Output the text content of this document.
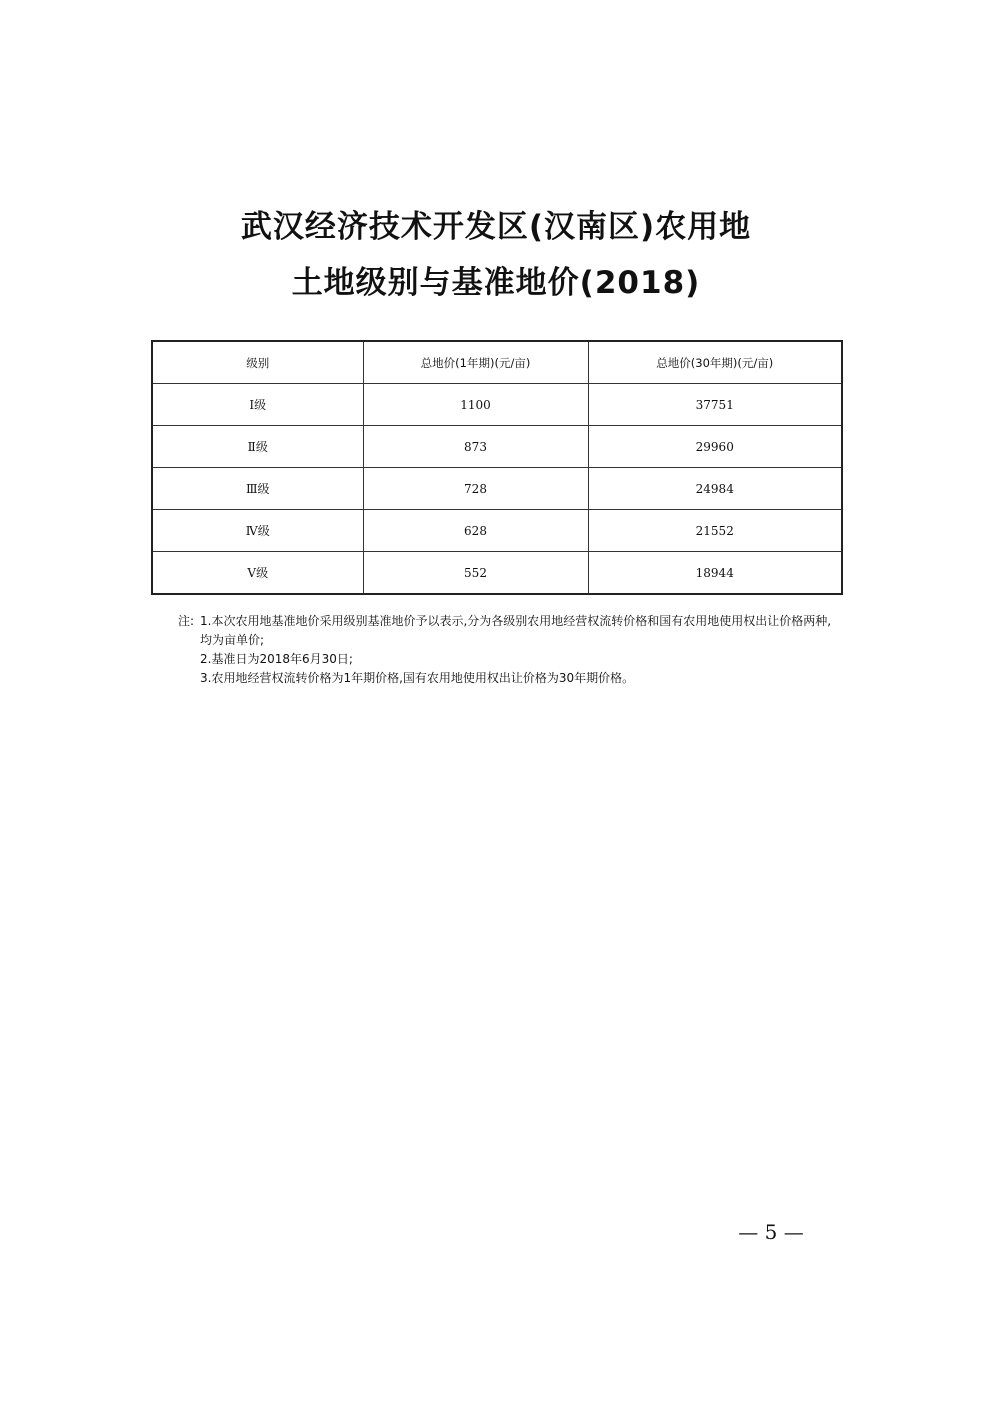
武汉经济技术开发区(汉南区)农用地
土地级别与基准地价(2018)
级别	总地价(1年期)(元/亩)	总地价(30年期)(元/亩)
Ⅰ级	1100	37751
Ⅱ级	873	29960
Ⅲ级	728	24984
Ⅳ级	628	21552
Ⅴ级	552	18944
注: 1.本次农用地基准地价采用级别基准地价予以表示,分为各级别农用地经营权流转价格和国有农用地使用权出让价格两种,均为亩单价;
2.基准日为2018年6月30日;
3.农用地经营权流转价格为1年期价格,国有农用地使用权出让价格为30年期价格。
— 5 —
